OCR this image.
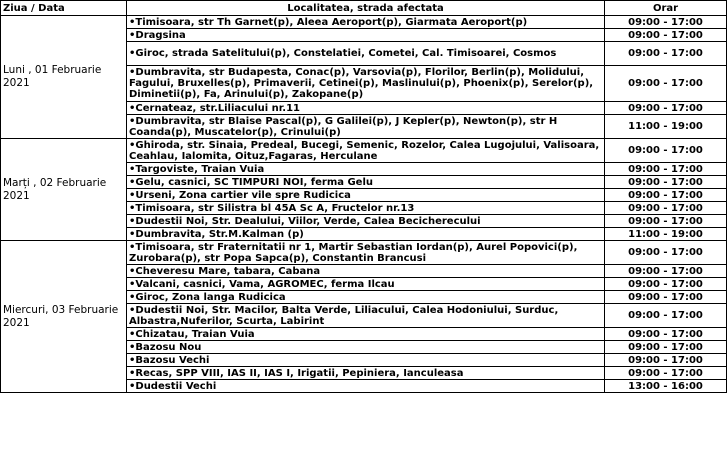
Ziua / Data	Localitatea, strada afectata	Orar
Luni , 01 Februarie 2021	•Timisoara, str Th Garnet(p), Aleea Aeroport(p), Giarmata Aeroport(p)	09:00 - 17:00
	•Dragsina	09:00 - 17:00
	•Giroc, strada Satelitului(p), Constelatiei, Cometei, Cal. Timisoarei, Cosmos	09:00 - 17:00
	•Dumbravita, str Budapesta, Conac(p), Varsovia(p), Florilor, Berlin(p), Molidului, Fagului, Bruxelles(p), Primaverii, Cetinei(p), Maslinului(p), Phoenix(p), Serelor(p), Diminetii(p), Fa, Arinului(p), Zakopane(p)	09:00 - 17:00
	•Cernateaz, str.Liliacului nr.11	09:00 - 17:00
	•Dumbravita, str Blaise Pascal(p), G Galilei(p), J Kepler(p), Newton(p), str H Coanda(p), Muscatelor(p), Crinului(p)	11:00 - 19:00
Marți , 02 Februarie 2021	•Ghiroda, str. Sinaia, Predeal, Bucegi, Semenic, Rozelor, Calea Lugojului, Valisoara, Ceahlau, Ialomita, Oituz,Fagaras, Herculane	09:00 - 17:00
	•Targoviste, Traian Vuia	09:00 - 17:00
	•Gelu, casnici, SC TIMPURI NOI, ferma Gelu	09:00 - 17:00
	•Urseni, Zona cartier vile spre Rudicica	09:00 - 17:00
	•Timisoara, str Silistra bl 45A Sc A, Fructelor nr.13	09:00 - 17:00
	•Dudestii Noi, Str. Dealului, Viilor, Verde, Calea Becicherecului	09:00 - 17:00
	•Dumbravita, Str.M.Kalman (p)	11:00 - 19:00
Miercuri, 03 Februarie 2021	•Timisoara, str Fraternitatii nr 1, Martir Sebastian Iordan(p), Aurel Popovici(p), Zurobara(p), str Popa Sapca(p), Constantin Brancusi	09:00 - 17:00
	•Cheveresu Mare, tabara, Cabana	09:00 - 17:00
	•Valcani, casnici, Vama, AGROMEC, ferma Ilcau	09:00 - 17:00
	•Giroc, Zona langa Rudicica	09:00 - 17:00
	•Dudestii Noi, Str. Macilor, Balta Verde, Liliacului, Calea Hodoniului, Surduc, Albastra,Nuferilor, Scurta, Labirint	09:00 - 17:00
	•Chizatau, Traian Vuia	09:00 - 17:00
	•Bazosu Nou	09:00 - 17:00
	•Bazosu Vechi	09:00 - 17:00
	•Recas, SPP VIII, IAS II, IAS I, Irigatii, Pepiniera, Ianculeasa	09:00 - 17:00
	•Dudestii Vechi	13:00 - 16:00
